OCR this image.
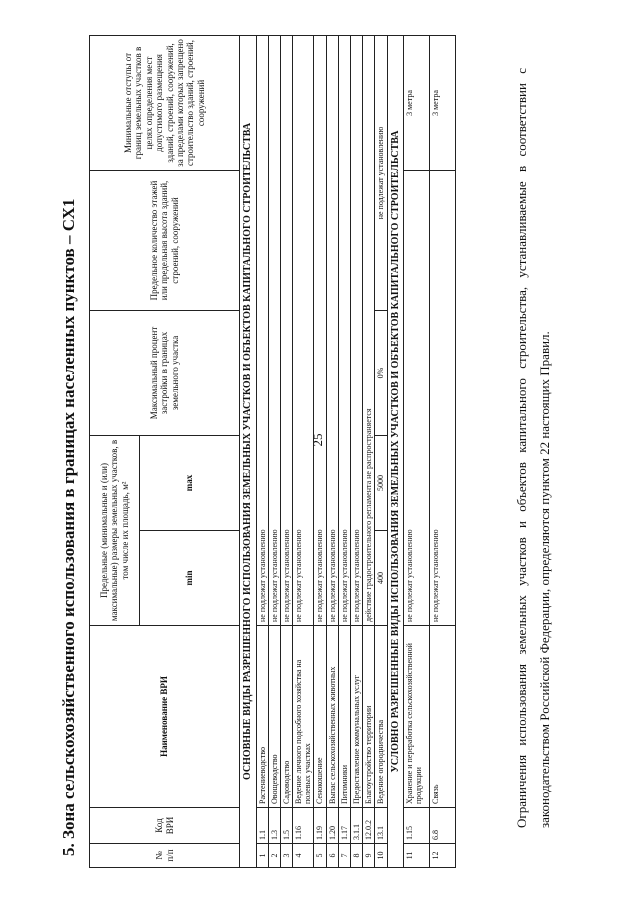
25
5. Зона сельскохозяйственного использования в границах населенных пунктов – СХ1	№ п/п	Код ВРИ	Наименование ВРИ	Предельные (минимальные и (или) максимальные) размеры земельных участков, в том числе их площадь, м²		Максимальный процент застройки в границах земельного участка	Предельное количество этажей или предельная высота зданий, строений, сооружений	Минимальные отступы от границ земельных участков в целях определения мест допустимого размещения зданий, строений, сооружений, за пределами которых запрещено строительство зданий, строений, сооружений
			min	max			
ОСНОВНЫЕ ВИДЫ РАЗРЕШЕННОГО ИСПОЛЬЗОВАНИЯ ЗЕМЕЛЬНЫХ УЧАСТКОВ И ОБЪЕКТОВ КАПИТАЛЬНОГО СТРОИТЕЛЬСТВА							
1	1.1	Растениеводство	не подлежат установлению				
2	1.3	Овощеводство	не подлежат установлению				
3	1.5	Садоводство	не подлежат установлению				
4	1.16	Ведение личного подсобного хозяйства на полевых участках	не подлежат установлению				
5	1.19	Сенокошение	не подлежат установлению				
6	1.20	Выпас сельскохозяйственных животных	не подлежат установлению				
7	1.17	Питомники	не подлежат установлению				
8	3.1.1	Предоставление коммунальных услуг	не подлежат установлению				
9	12.0.2	Благоустройство территории	действие градостроительного регламента не распространяется				
10	13.1	Ведение огородничества	400	5000	0%	не подлежат установлению	
УСЛОВНО РАЗРЕШЕННЫЕ ВИДЫ ИСПОЛЬЗОВАНИЯ ЗЕМЕЛЬНЫХ УЧАСТКОВ И ОБЪЕКТОВ КАПИТАЛЬНОГО СТРОИТЕЛЬСТВА							
11	1.15	Хранение и переработка сельскохозяйственной продукции	не подлежат установлению				3 метра
12	6.8	Связь	не подлежат установлению				3 метра	Ограничения использования земельных участков и объектов капитального строительства, устанавливаемые в соответствии с законодательством Российской Федерации, определяются пунктом 22 настоящих Правил.
